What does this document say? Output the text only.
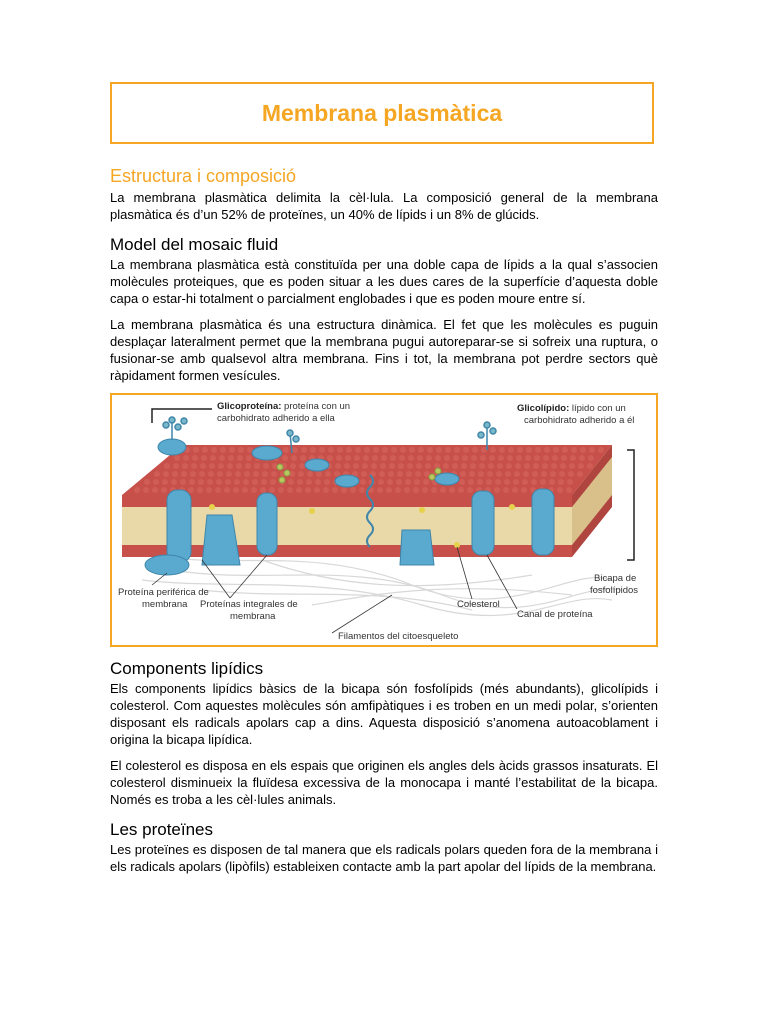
Membrana plasmàtica
Estructura i composició

La membrana plasmàtica delimita la cèl·lula. La composició general de la membrana plasmàtica és d’un 52% de proteïnes, un 40% de lípids i un 8% de glúcids.

Model del mosaic fluid

La membrana plasmàtica està constituïda per una doble capa de lípids a la qual s’associen molècules proteiques, que es poden situar a les dues cares de la superfície d’aquesta doble capa o estar-hi totalment o parcialment englobades i que es poden moure entre sí.

La membrana plasmàtica és una estructura dinàmica. El fet que les molècules es puguin desplaçar lateralment permet que la membrana pugui autoreparar-se si sofreix una ruptura, o fusionar-se amb qualsevol altra membrana. Fins i tot, la membrana pot perdre sectors què ràpidament formen vesícules.

Glicoproteína: proteína con un
carbohidrato adherido a ella
Glicolípido: lípido con un
carbohidrato adherido a él
Proteína periférica de
membrana Proteínas integrales de
membrana
Colesterol
Canal de proteína
Bicapa de
fosfolípidos
Filamentos del citoesqueleto
Components lipídics

Els components lipídics bàsics de la bicapa són fosfolípids (més abundants), glicolípids i colesterol. Com aquestes molècules són amfipàtiques i es troben en un medi polar, s’orienten disposant els radicals apolars cap a dins. Aquesta disposició s’anomena autoacoblament i origina la bicapa lipídica.

El colesterol es disposa en els espais que originen els angles dels àcids grassos insaturats. El colesterol disminueix la fluïdesa excessiva de la monocapa i manté l’estabilitat de la bicapa. Només es troba a les cèl·lules animals.

Les proteïnes

Les proteïnes es disposen de tal manera que els radicals polars queden fora de la membrana i els radicals apolars (lipòfils) estableixen contacte amb la part apolar del lípids de la membrana.
